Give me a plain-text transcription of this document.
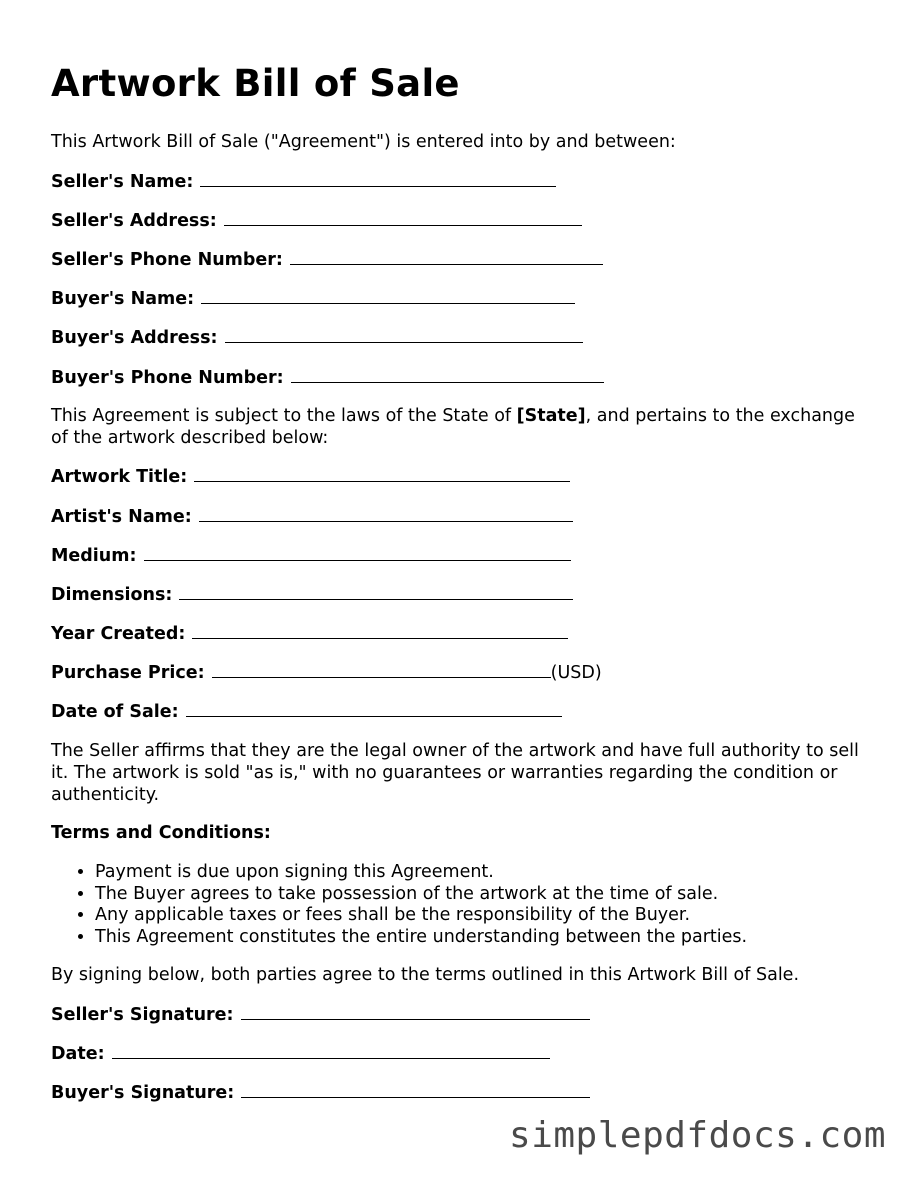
Artwork Bill of Sale

This Artwork Bill of Sale ("Agreement") is entered into by and between:

Seller's Name:
Seller's Address:
Seller's Phone Number:
Buyer's Name:
Buyer's Address:
Buyer's Phone Number:

This Agreement is subject to the laws of the State of [State], and pertains to the exchange of the artwork described below:

Artwork Title:
Artist's Name:
Medium:
Dimensions:
Year Created:
Purchase Price:	(USD)
Date of Sale:

The Seller affirms that they are the legal owner of the artwork and have full authority to sell it. The artwork is sold "as is," with no guarantees or warranties regarding the condition or authenticity.

Terms and Conditions:

• Payment is due upon signing this Agreement.
• The Buyer agrees to take possession of the artwork at the time of sale.
• Any applicable taxes or fees shall be the responsibility of the Buyer.
• This Agreement constitutes the entire understanding between the parties.

By signing below, both parties agree to the terms outlined in this Artwork Bill of Sale.

Seller's Signature:
Date:
Buyer's Signature:
simplepdfdocs.com
